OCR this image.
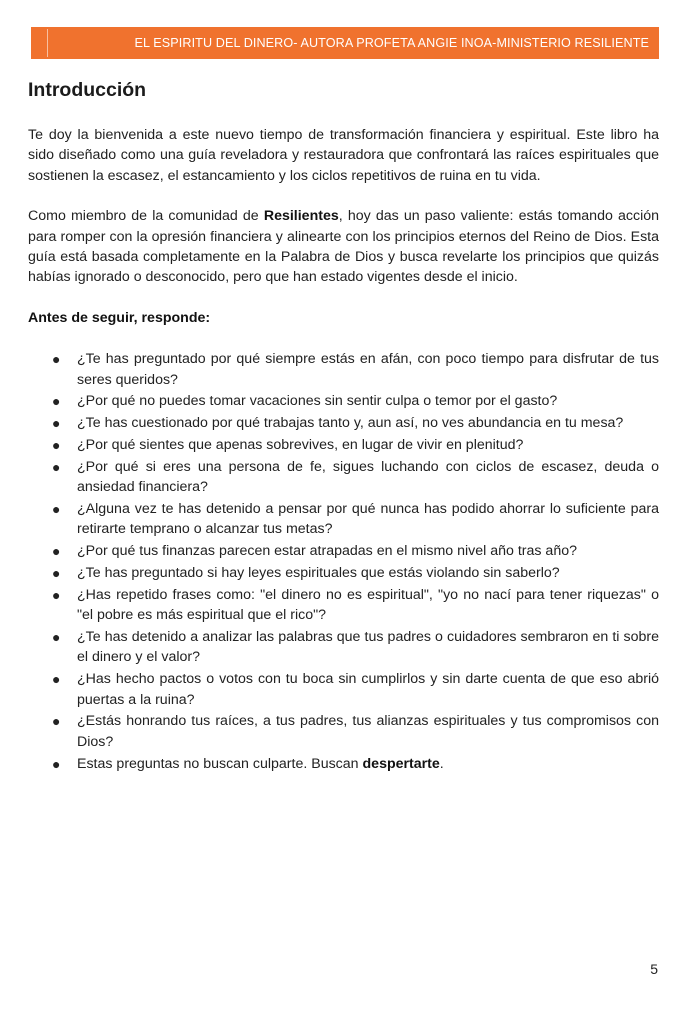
EL ESPIRITU DEL DINERO- AUTORA PROFETA ANGIE INOA-MINISTERIO RESILIENTE
Introducción

Te doy la bienvenida a este nuevo tiempo de transformación financiera y espiritual. Este libro ha sido diseñado como una guía reveladora y restauradora que confrontará las raíces espirituales que sostienen la escasez, el estancamiento y los ciclos repetitivos de ruina en tu vida.

Como miembro de la comunidad de Resilientes, hoy das un paso valiente: estás tomando acción para romper con la opresión financiera y alinearte con los principios eternos del Reino de Dios. Esta guía está basada completamente en la Palabra de Dios y busca revelarte los principios que quizás habías ignorado o desconocido, pero que han estado vigentes desde el inicio.

Antes de seguir, responde:

● ¿Te has preguntado por qué siempre estás en afán, con poco tiempo para disfrutar de tus seres queridos?
● ¿Por qué no puedes tomar vacaciones sin sentir culpa o temor por el gasto?
● ¿Te has cuestionado por qué trabajas tanto y, aun así, no ves abundancia en tu mesa?
● ¿Por qué sientes que apenas sobrevives, en lugar de vivir en plenitud?
● ¿Por qué si eres una persona de fe, sigues luchando con ciclos de escasez, deuda o ansiedad financiera?
● ¿Alguna vez te has detenido a pensar por qué nunca has podido ahorrar lo suficiente para retirarte temprano o alcanzar tus metas?
● ¿Por qué tus finanzas parecen estar atrapadas en el mismo nivel año tras año?
● ¿Te has preguntado si hay leyes espirituales que estás violando sin saberlo?
● ¿Has repetido frases como: "el dinero no es espiritual", "yo no nací para tener riquezas" o "el pobre es más espiritual que el rico"?
● ¿Te has detenido a analizar las palabras que tus padres o cuidadores sembraron en ti sobre el dinero y el valor?
● ¿Has hecho pactos o votos con tu boca sin cumplirlos y sin darte cuenta de que eso abrió puertas a la ruina?
● ¿Estás honrando tus raíces, a tus padres, tus alianzas espirituales y tus compromisos con Dios?
● Estas preguntas no buscan culparte. Buscan despertarte.
5
